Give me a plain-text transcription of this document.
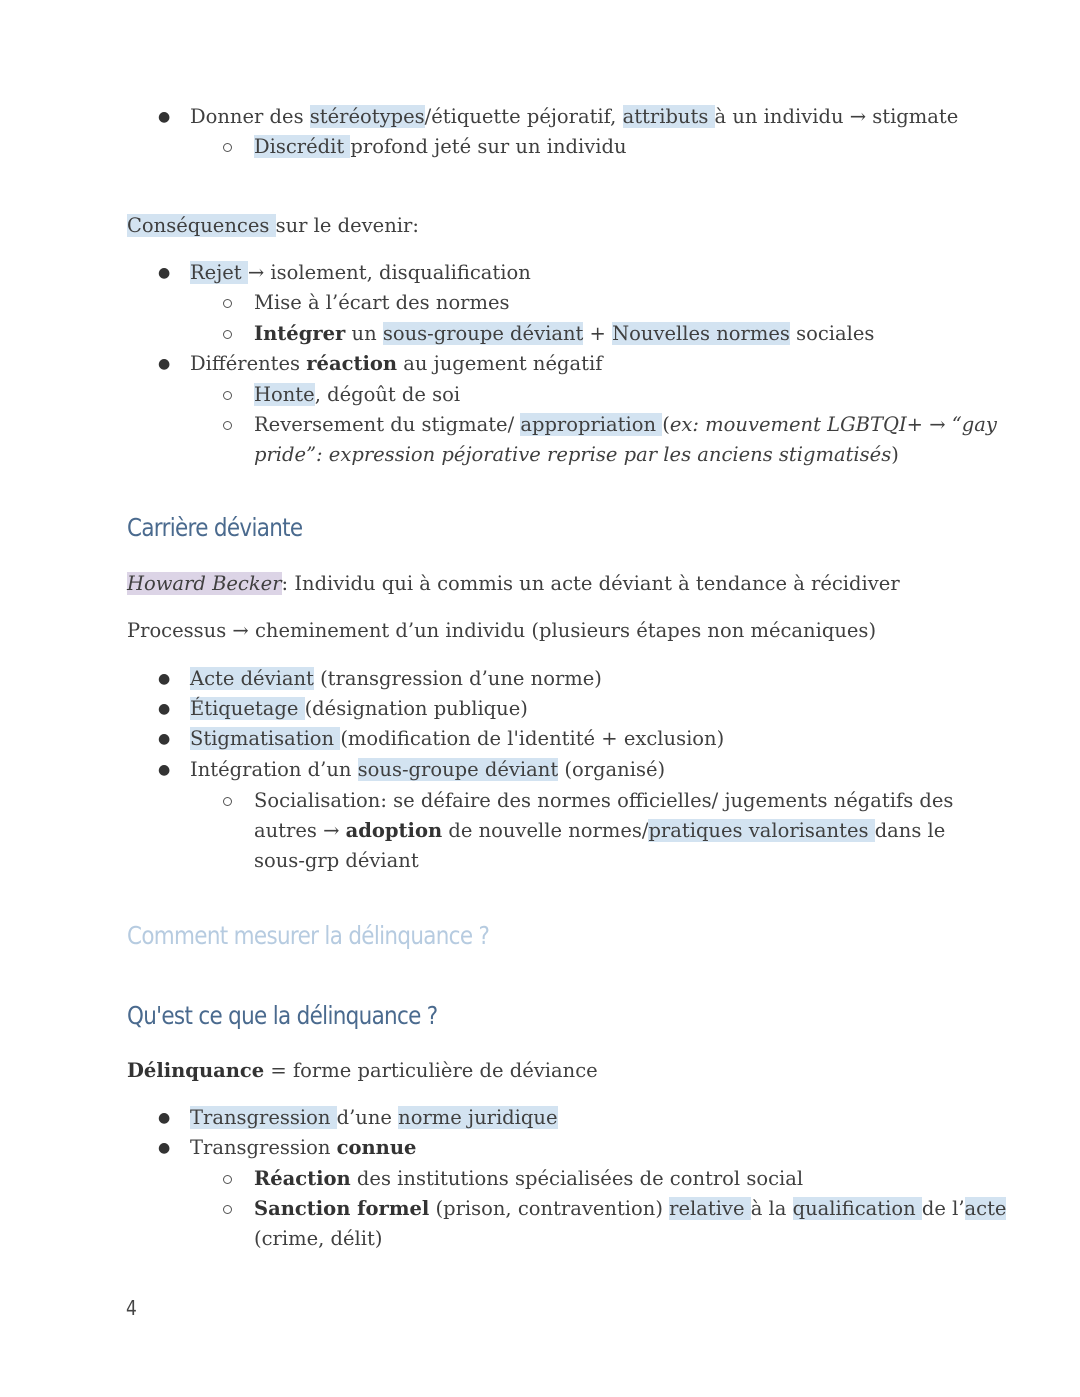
● Donner des stéréotypes/étiquette péjoratif, attributs à un individu → stigmate
Discrédit profond jeté sur un individu
Conséquences sur le devenir:
● Rejet → isolement, disqualification
Mise à l’écart des normes
Intégrer un sous-groupe déviant + Nouvelles normes sociales
● Différentes réaction au jugement négatif
Honte, dégoût de soi
Reversement du stigmate/ appropriation (ex: mouvement LGBTQI+ → “gay
pride”: expression péjorative reprise par les anciens stigmatisés)
Carrière déviante
Howard Becker: Individu qui à commis un acte déviant à tendance à récidiver
Processus → cheminement d’un individu (plusieurs étapes non mécaniques)
● Acte déviant (transgression d’une norme)
● Étiquetage (désignation publique)
● Stigmatisation (modification de l'identité + exclusion)
● Intégration d’un sous-groupe déviant (organisé)
Socialisation: se défaire des normes officielles/ jugements négatifs des
autres → adoption de nouvelle normes/pratiques valorisantes dans le
sous-grp déviant
Comment mesurer la délinquance ?
Qu'est ce que la délinquance ?
Délinquance = forme particulière de déviance
● Transgression d’une norme juridique
● Transgression connue
Réaction des institutions spécialisées de control social
Sanction formel (prison, contravention) relative à la qualification de l’acte
(crime, délit)
4
